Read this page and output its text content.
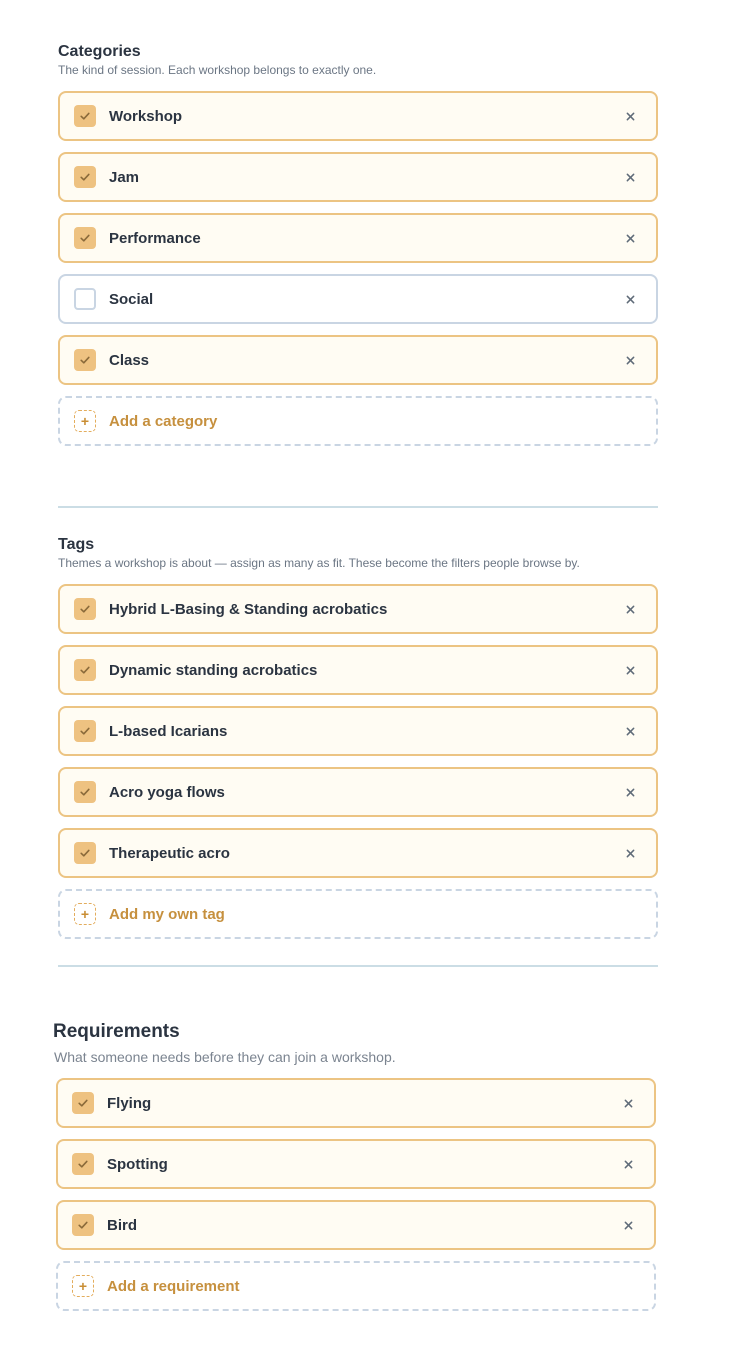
Categories
The kind of session. Each workshop belongs to exactly one.
Workshop
Jam
Performance
Social
Class
+	Add a category
Tags
Themes a workshop is about — assign as many as fit. These become the filters people browse by.
Hybrid L-Basing & Standing acrobatics
Dynamic standing acrobatics
L-based Icarians
Acro yoga flows
Therapeutic acro
+	Add my own tag
Requirements
What someone needs before they can join a workshop.
Flying
Spotting
Bird
+	Add a requirement
